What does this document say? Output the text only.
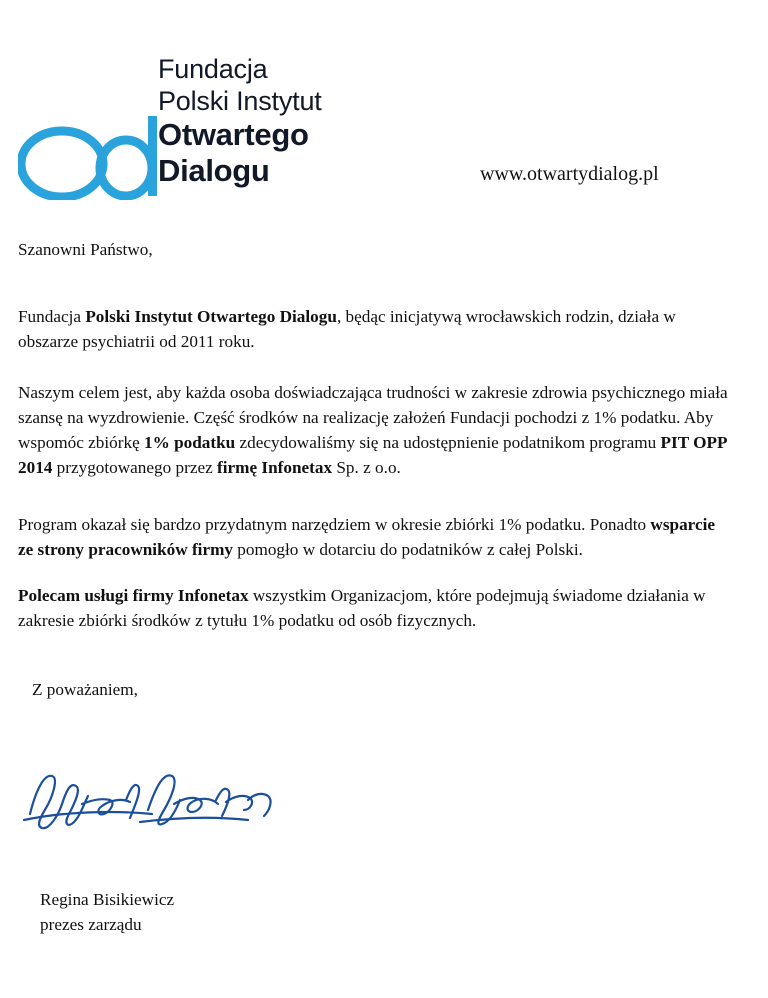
Fundacja
Polski Instytut
Otwartego
Dialogu	www.otwartydialog.pl

Szanowni Państwo,

Fundacja Polski Instytut Otwartego Dialogu, będąc inicjatywą wrocławskich rodzin, działa w obszarze psychiatrii od 2011 roku.

Naszym celem jest, aby każda osoba doświadczająca trudności w zakresie zdrowia psychicznego miała szansę na wyzdrowienie. Część środków na realizację założeń Fundacji pochodzi z 1% podatku. Aby wspomóc zbiórkę 1% podatku zdecydowaliśmy się na udostępnienie podatnikom programu PIT OPP 2014 przygotowanego przez firmę Infonetax Sp. z o.o.

Program okazał się bardzo przydatnym narzędziem w okresie zbiórki 1% podatku. Ponadto wsparcie ze strony pracowników firmy pomogło w dotarciu do podatników z całej Polski.

Polecam usługi firmy Infonetax wszystkim Organizacjom, które podejmują świadome działania w zakresie zbiórki środków z tytułu 1% podatku od osób fizycznych.

Z poważaniem,

Regina Bisikiewicz
prezes zarządu
